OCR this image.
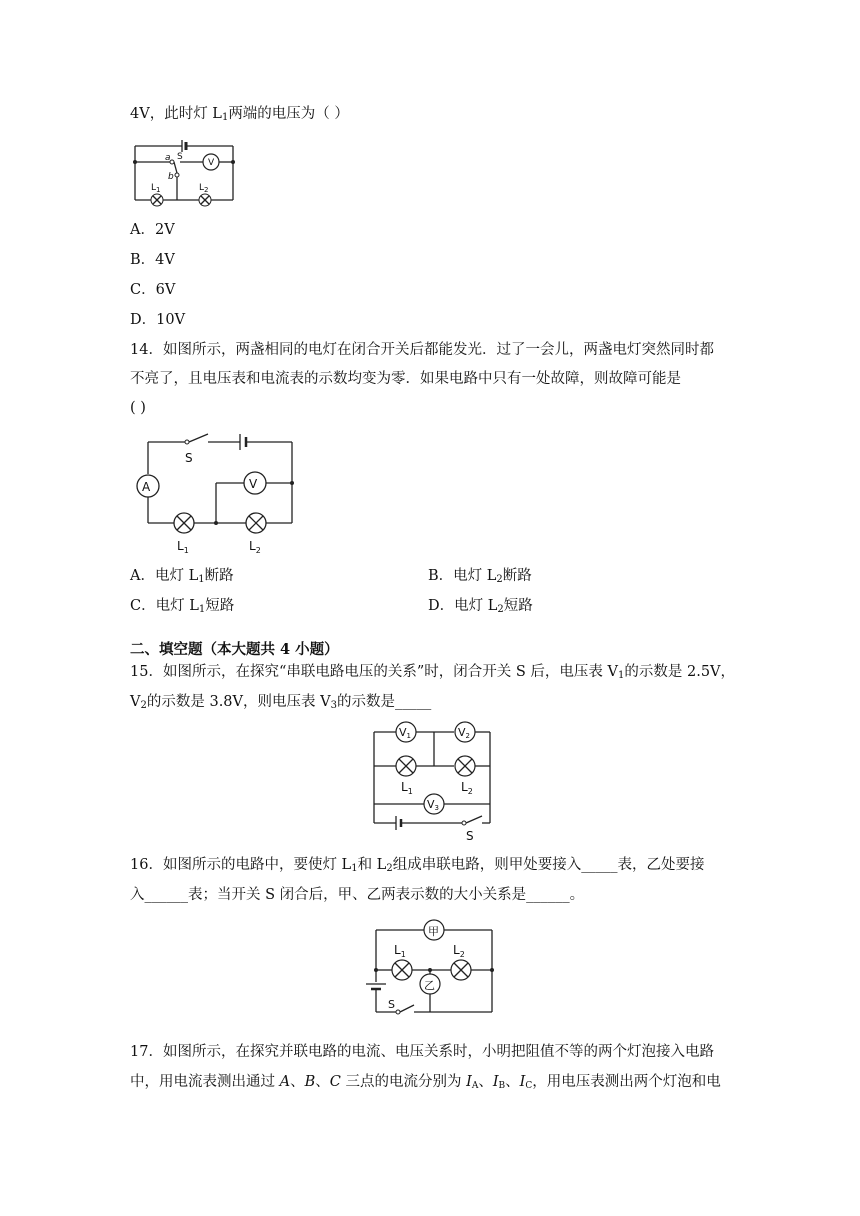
4V，此时灯 $L_1$两端的电压为（ ）
a S
V
b
$L_1$	$L_2$
A．2V
B．4V
C．6V
D．10V
14．如图所示，两盏相同的电灯在闭合开关后都能发光．过了一会儿，两盏电灯突然同时都
不亮了，且电压表和电流表的示数均变为零．如果电路中只有一处故障，则故障可能是
( )
S
A	V
$L_1$	$L_2$
A．电灯 $L_1$断路	B．电灯 $L_2$断路
C．电灯 $L_1$短路	D．电灯 $L_2$短路
二、填空题（本大题共 4 小题）
15．如图所示，在探究“串联电路电压的关系”时，闭合开关 S 后，电压表 $V_1$的示数是 2.5V，
$V_2$的示数是 3.8V，则电压表 $V_3$的示数是_____
V1	V2
V3
$L_1$	$L_2$
S
16．如图所示的电路中，要使灯 $L_1$和 $L_2$组成串联电路，则甲处要接入_____表，乙处要接
入______表；当开关 S 闭合后，甲、乙两表示数的大小关系是______。
甲
乙
$L_1$	$L_2$
S
17．如图所示，在探究并联电路的电流、电压关系时，小明把阻值不等的两个灯泡接入电路
中，用电流表测出通过 A、B、C 三点的电流分别为 $I_A$、$I_B$、$I_C$，用电压表测出两个灯泡和电
